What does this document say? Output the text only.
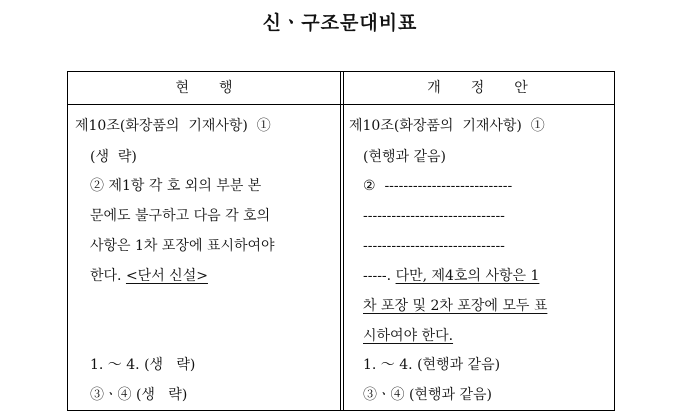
신ㆍ구조문대비표
현행
제10조(화장품의  기재사항)  ①
(생  략)
② 제1항 각 호 외의 부분 본
문에도 불구하고 다음 각 호의
사항은 1차 포장에 표시하여야
한다. <단서 신설>
1. ～ 4. (생   략)
③ㆍ④ (생   략)
개정안
제10조(화장품의  기재사항)  ①
(현행과 같음)
②  ---------------------------
------------------------------
------------------------------
-----. 다만, 제4호의 사항은 1
차 포장 및 2차 포장에 모두 표
시하여야 한다.
1. ～ 4. (현행과 같음)
③ㆍ④ (현행과 같음)
